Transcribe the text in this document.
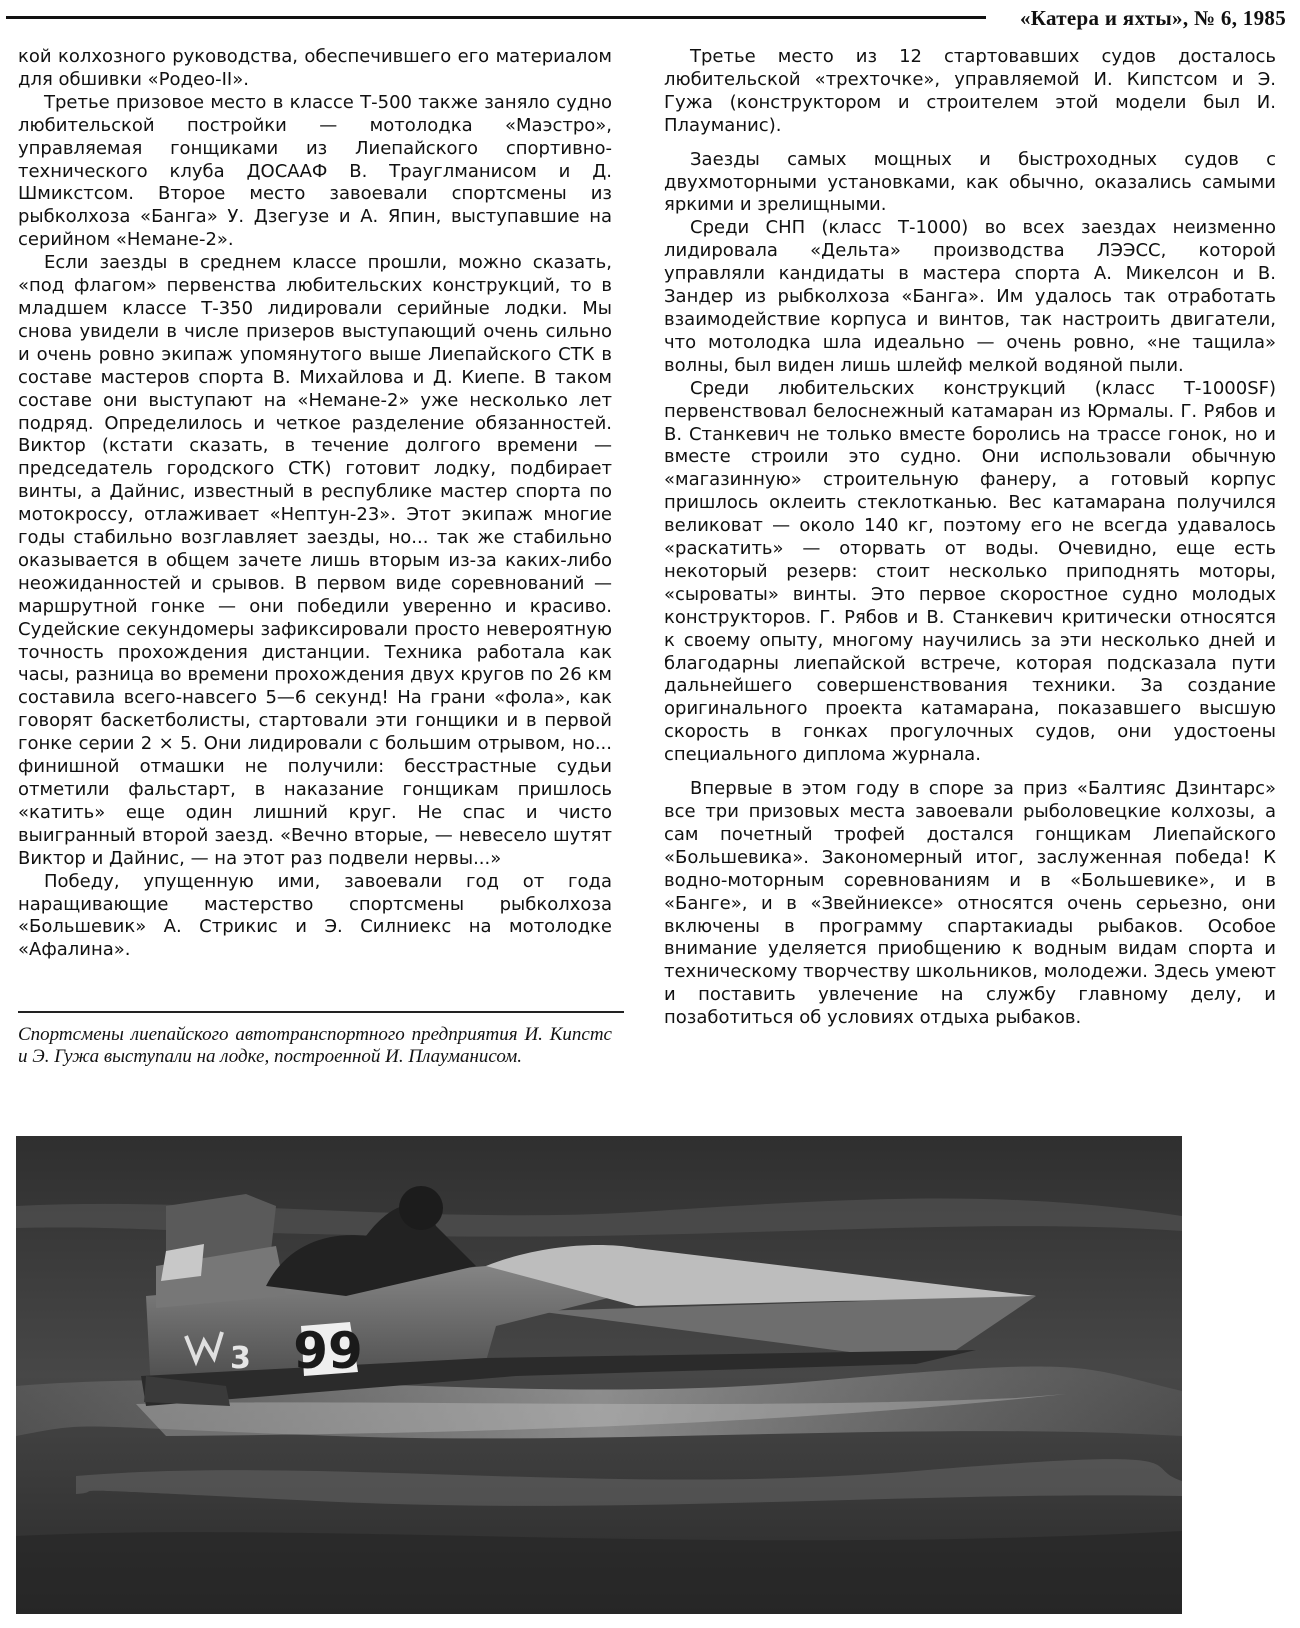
«Катера и яхты», № 6, 1985

кой колхозного руководства, обеспечившего его материалом для обшивки «Родео-II».

Третье призовое место в классе Т-500 также заняло судно любительской постройки — мотолодка «Маэстро», управляемая гонщиками из Лиепайского спортивно-технического клуба ДОСААФ В. Трауглманисом и Д. Шмикстсом. Второе место завоевали спортсмены из рыбколхоза «Банга» У. Дзегузе и А. Япин, выступавшие на серийном «Немане-2».

Если заезды в среднем классе прошли, можно сказать, «под флагом» первенства любительских конструкций, то в младшем классе Т-350 лидировали серийные лодки. Мы снова увидели в числе призеров выступающий очень сильно и очень ровно экипаж упомянутого выше Лиепайского СТК в составе мастеров спорта В. Михайлова и Д. Киепе. В таком составе они выступают на «Немане-2» уже несколько лет подряд. Определилось и четкое разделение обязанностей. Виктор (кстати сказать, в течение долгого времени — председатель городского СТК) готовит лодку, подбирает винты, а Дайнис, известный в республике мастер спорта по мотокроссу, отлаживает «Нептун-23». Этот экипаж многие годы стабильно возглавляет заезды, но... так же стабильно оказывается в общем зачете лишь вторым из-за каких-либо неожиданностей и срывов. В первом виде соревнований — маршрутной гонке — они победили уверенно и красиво. Судейские секундомеры зафиксировали просто невероятную точность прохождения дистанции. Техника работала как часы, разница во времени прохождения двух кругов по 26 км составила всего-навсего 5—6 секунд! На грани «фола», как говорят баскетболисты, стартовали эти гонщики и в первой гонке серии 2 × 5. Они лидировали с большим отрывом, но... финишной отмашки не получили: бесстрастные судьи отметили фальстарт, в наказание гонщикам пришлось «катить» еще один лишний круг. Не спас и чисто выигранный второй заезд. «Вечно вторые, — невесело шутят Виктор и Дайнис, — на этот раз подвели нервы...»

Победу, упущенную ими, завоевали год от года наращивающие мастерство спортсмены рыбколхоза «Большевик» А. Стрикис и Э. Силниекс на мотолодке «Афалина».

Спортсмены лиепайского автотранспортного предприятия И. Кипстс и Э. Гужа выступали на лодке, построенной И. Плауманисом.

Третье место из 12 стартовавших судов досталось любительской «трехточке», управляемой И. Кипстсом и Э. Гужа (конструктором и строителем этой модели был И. Плауманис).

Заезды самых мощных и быстроходных судов с двухмоторными установками, как обычно, оказались самыми яркими и зрелищными.

Среди СНП (класс Т-1000) во всех заездах неизменно лидировала «Дельта» производства ЛЭЭСС, которой управляли кандидаты в мастера спорта А. Микелсон и В. Зандер из рыбколхоза «Банга». Им удалось так отработать взаимодействие корпуса и винтов, так настроить двигатели, что мотолодка шла идеально — очень ровно, «не тащила» волны, был виден лишь шлейф мелкой водяной пыли.

Среди любительских конструкций (класс Т-1000SF) первенствовал белоснежный катамаран из Юрмалы. Г. Рябов и В. Станкевич не только вместе боролись на трассе гонок, но и вместе строили это судно. Они использовали обычную «магазинную» строительную фанеру, а готовый корпус пришлось оклеить стеклотканью. Вес катамарана получился великоват — около 140 кг, поэтому его не всегда удавалось «раскатить» — оторвать от воды. Очевидно, еще есть некоторый резерв: стоит несколько приподнять моторы, «сыроваты» винты. Это первое скоростное судно молодых конструкторов. Г. Рябов и В. Станкевич критически относятся к своему опыту, многому научились за эти несколько дней и благодарны лиепайской встрече, которая подсказала пути дальнейшего совершенствования техники. За создание оригинального проекта катамарана, показавшего высшую скорость в гонках прогулочных судов, они удостоены специального диплома журнала.

Впервые в этом году в споре за приз «Балтияс Дзинтарс» все три призовых места завоевали рыболовецкие колхозы, а сам почетный трофей достался гонщикам Лиепайского «Большевика». Закономерный итог, заслуженная победа! К водно-моторным соревнованиям и в «Большевике», и в «Банге», и в «Звейниексе» относятся очень серьезно, они включены в программу спартакиады рыбаков. Особое внимание уделяется приобщению к водным видам спорта и техническому творчеству школьников, молодежи. Здесь умеют и поставить увлечение на службу главному делу, и позаботиться об условиях отдыха рыбаков.

99
3
